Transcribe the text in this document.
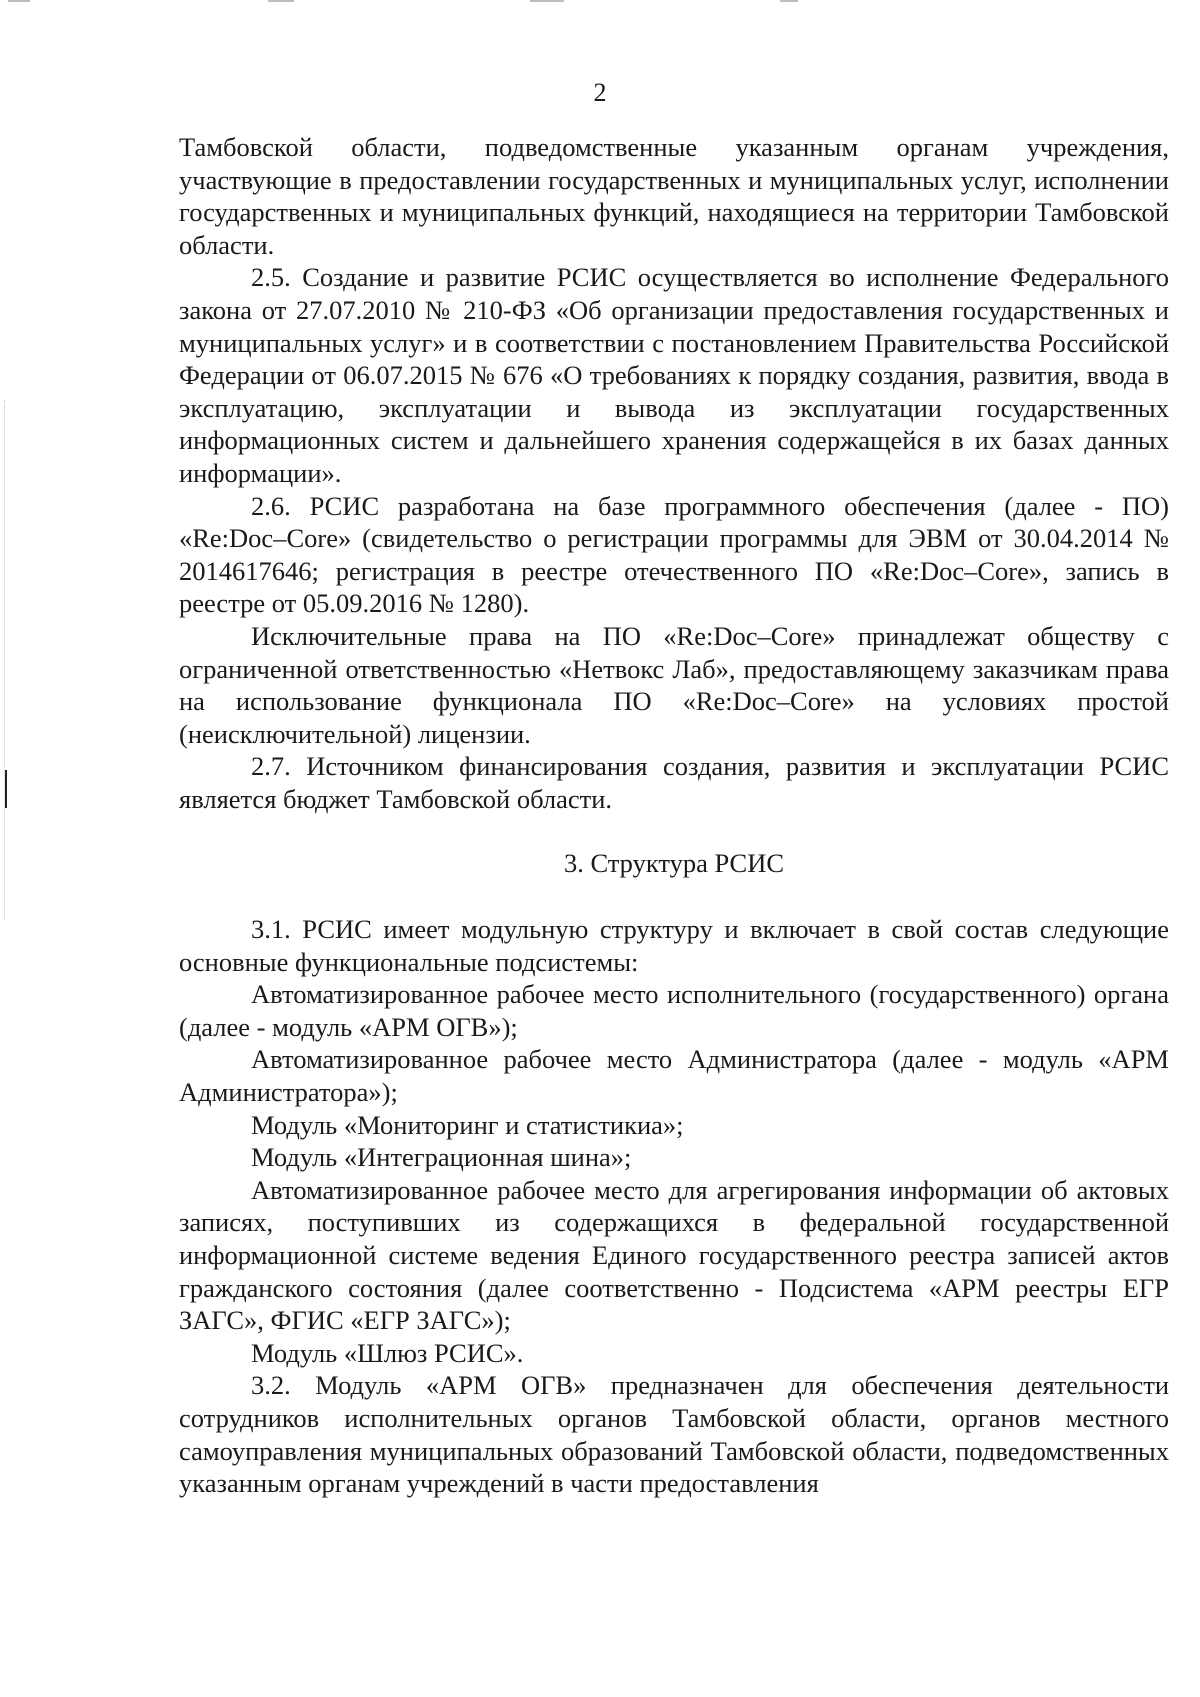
2

Тамбовской области, подведомственные указанным органам учреждения, участвующие в предоставлении государственных и муниципальных услуг, исполнении государственных и муниципальных функций, находящиеся на территории Тамбовской области.

2.5. Создание и развитие РСИС осуществляется во исполнение Федерального закона от 27.07.2010 № 210-ФЗ «Об организации предоставления государственных и муниципальных услуг» и в соответствии с постановлением Правительства Российской Федерации от 06.07.2015 № 676 «О требованиях к порядку создания, развития, ввода в эксплуатацию, эксплуатации и вывода из эксплуатации государственных информационных систем и дальнейшего хранения содержащейся в их базах данных информации».

2.6. РСИС разработана на базе программного обеспечения (далее - ПО) «Re:Doc–Core» (свидетельство о регистрации программы для ЭВМ от 30.04.2014 № 2014617646; регистрация в реестре отечественного ПО «Re:Doc–Core», запись в реестре от 05.09.2016 № 1280).

Исключительные права на ПО «Re:Doc–Core» принадлежат обществу с ограниченной ответственностью «Нетвокс Лаб», предоставляющему заказчикам права на использование функционала ПО «Re:Doc–Core» на условиях простой (неисключительной) лицензии.

2.7. Источником финансирования создания, развития и эксплуатации РСИС является бюджет Тамбовской области.

3. Структура РСИС

3.1. РСИС имеет модульную структуру и включает в свой состав следующие основные функциональные подсистемы:

Автоматизированное рабочее место исполнительного (государственного) органа (далее - модуль «АРМ ОГВ»);

Автоматизированное рабочее место Администратора (далее - модуль «АРМ Администратора»);

Модуль «Мониторинг и статистикиа»;

Модуль «Интеграционная шина»;

Автоматизированное рабочее место для агрегирования информации об актовых записях, поступивших из содержащихся в федеральной государственной информационной системе ведения Единого государственного реестра записей актов гражданского состояния (далее соответственно - Подсистема «АРМ реестры ЕГР ЗАГС», ФГИС «ЕГР ЗАГС»);

Модуль «Шлюз РСИС».

3.2. Модуль «АРМ ОГВ» предназначен для обеспечения деятельности сотрудников исполнительных органов Тамбовской области, органов местного самоуправления муниципальных образований Тамбовской области, подведомственных указанным органам учреждений в части предоставления
